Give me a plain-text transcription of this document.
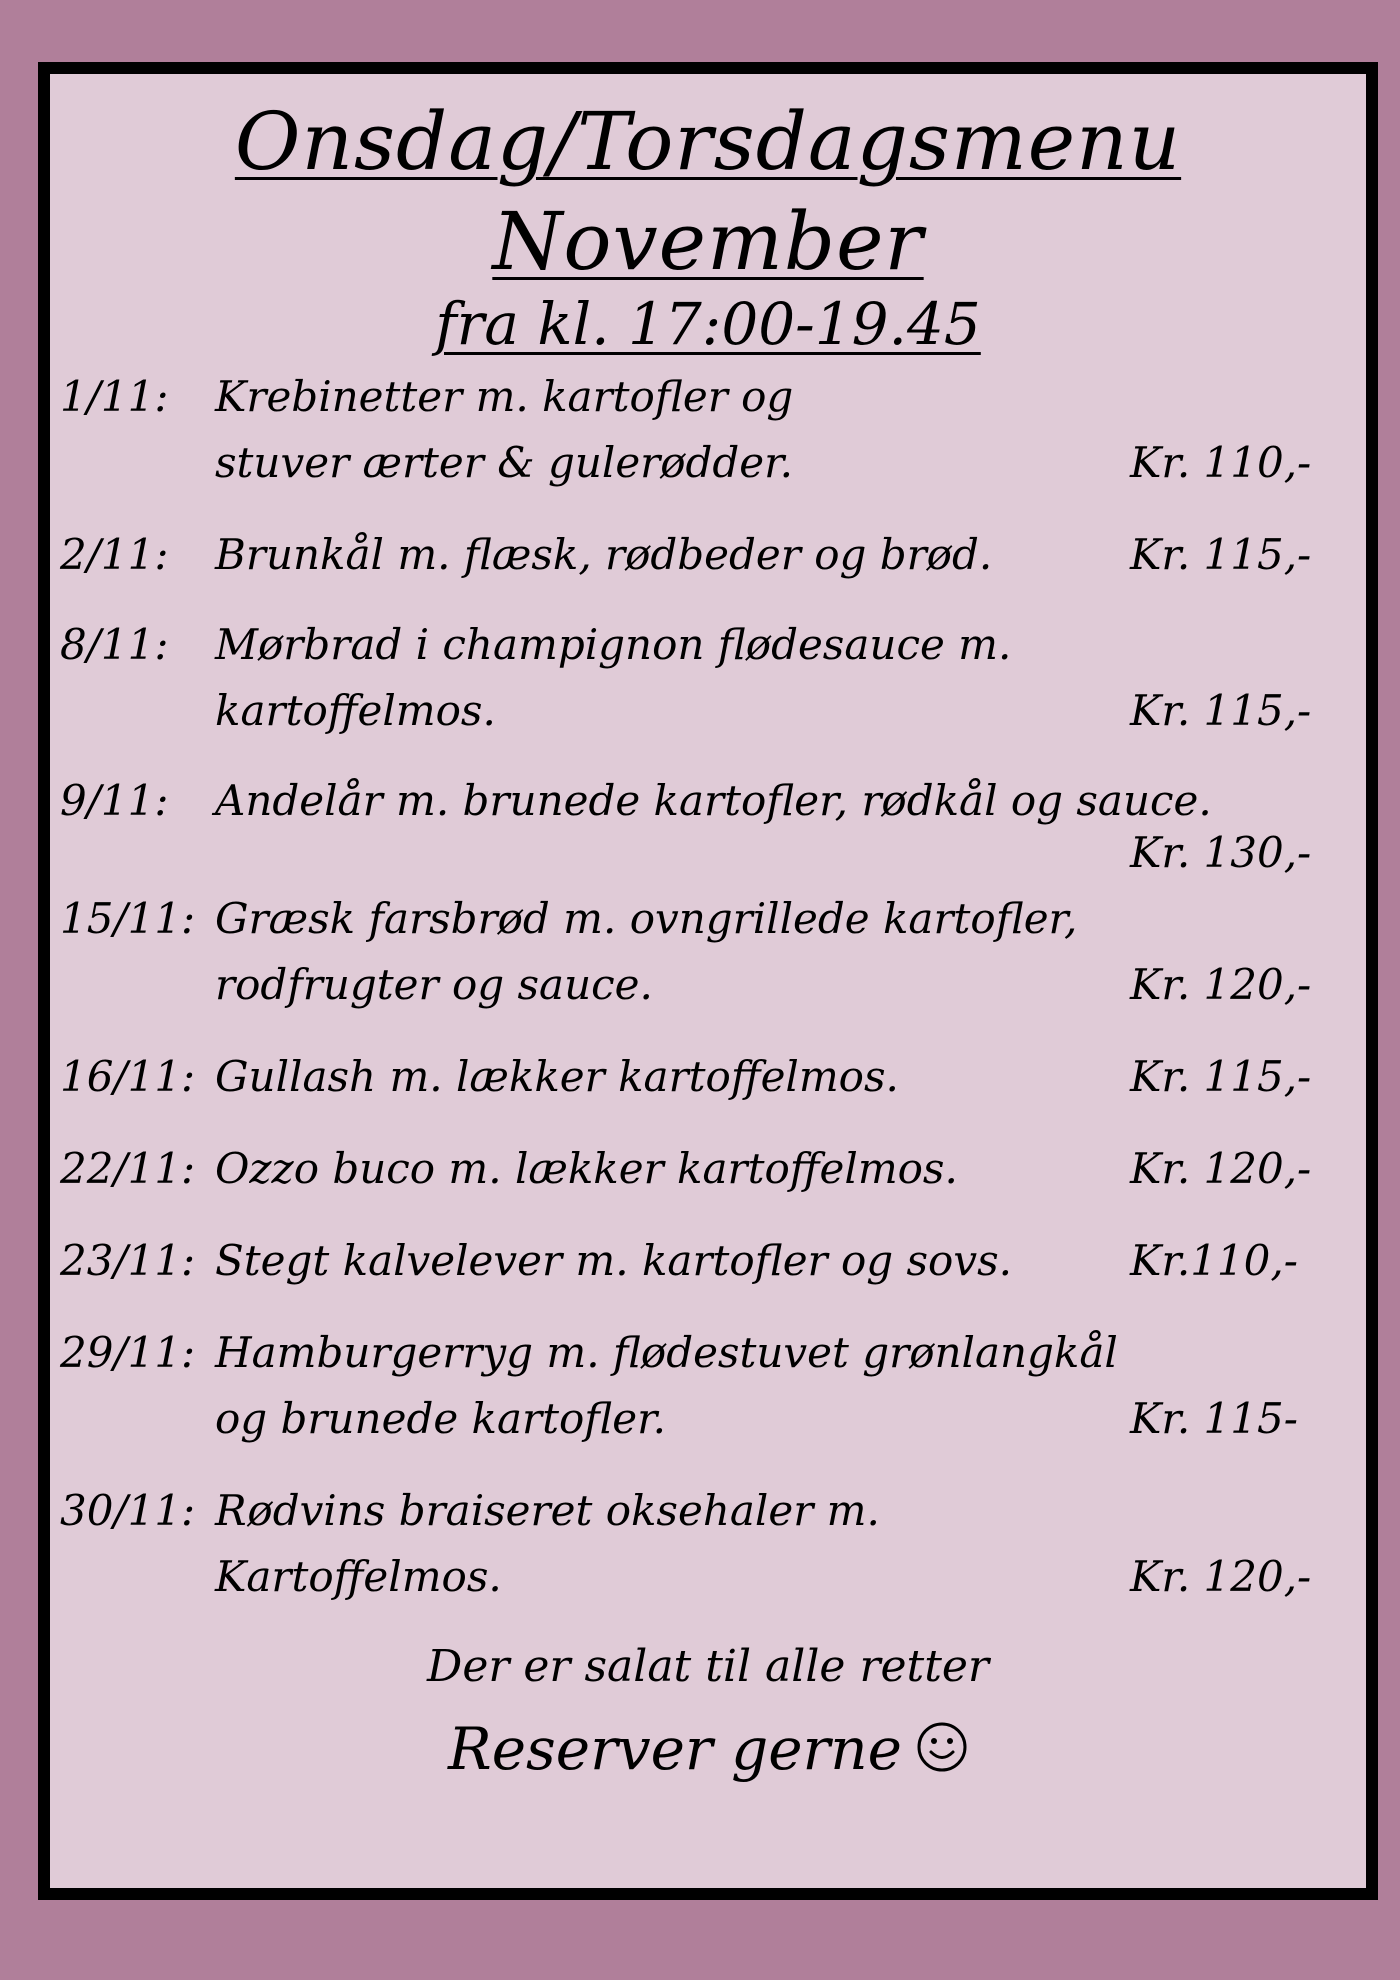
Onsdag/Torsdagsmenu
November
fra kl. 17:00-19.45
1/11: Krebinetter m. kartofler og
stuver ærter & gulerødder.	Kr. 110,-
2/11: Brunkål m. flæsk, rødbeder og brød.	Kr. 115,-
8/11: Mørbrad i champignon flødesauce m.
kartoffelmos.	Kr. 115,-
9/11: Andelår m. brunede kartofler, rødkål og sauce.
Kr. 130,-
15/11: Græsk farsbrød m. ovngrillede kartofler,
rodfrugter og sauce.	Kr. 120,-
16/11: Gullash m. lækker kartoffelmos.	Kr. 115,-
22/11: Ozzo buco m. lækker kartoffelmos.	Kr. 120,-
23/11: Stegt kalvelever m. kartofler og sovs.	Kr.110,-
29/11: Hamburgerryg m. flødestuvet grønlangkål
og brunede kartofler.	Kr. 115-
30/11: Rødvins braiseret oksehaler m.
Kartoffelmos.	Kr. 120,-
Der er salat til alle retter
Reserver gerne
